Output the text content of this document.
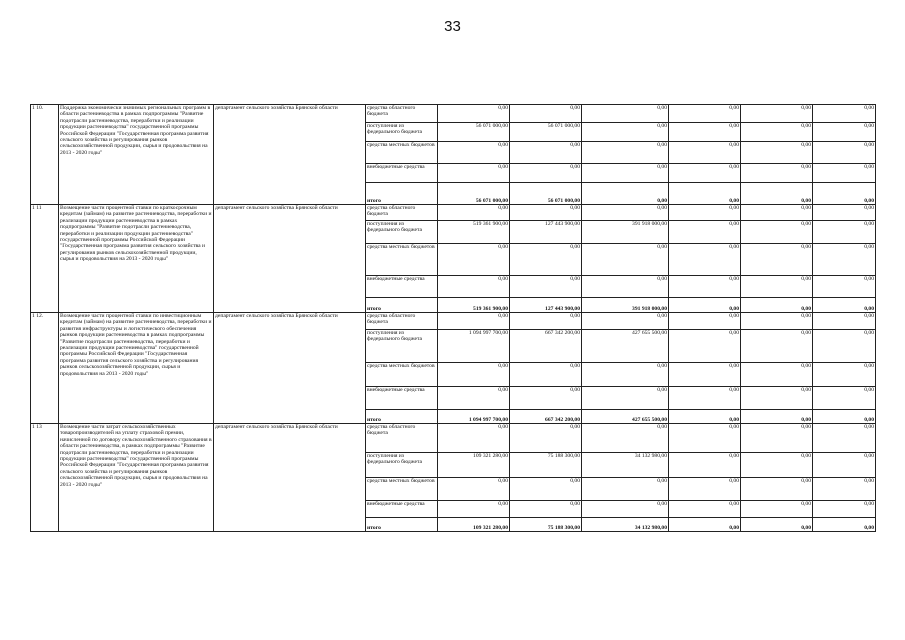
33
1 10.	Поддержка экономически значимых региональных программ в области растениеводства в рамках подпрограммы "Развитие подотрасли растениеводства, переработки и реализации продукции растениеводства" государственной программы Российской Федерации "Государственная программа развития сельского хозяйства и регулирования рынков сельскохозяйственной продукции, сырья и продовольствия на 2013 - 2020 годы"	департамент сельского хозяйства Брянской области	средства областного бюджета	0,00	0,00	0,00	0,00	0,00	0,00
			поступления из федерального бюджета	56 071 000,00	56 071 000,00	0,00	0,00	0,00	0,00
			средства местных бюджетов	0,00	0,00	0,00	0,00	0,00	0,00
			внебюджетные средства	0,00	0,00	0,00	0,00	0,00	0,00
			итого	56 071 000,00	56 071 000,00	0,00	0,00	0,00	0,00
1 11	Возмещение части процентной ставки по краткосрочным кредитам (займам) на развитие растениеводства, переработки и реализации продукции растениеводства в рамках подпрограммы "Развитие подотрасли растениеводства, переработки и реализации продукции растениеводства" государственной программы Российской Федерации "Государственная программа развития сельского хозяйства и регулирования рынков сельскохозяйственной продукции, сырья и продовольствия на 2013 - 2020 годы"	департамент сельского хозяйства Брянской области	средства областного бюджета	0,00	0,00	0,00	0,00	0,00	0,00
			поступления из федерального бюджета	519 361 900,00	127 443 900,00	391 918 000,00	0,00	0,00	0,00
			средства местных бюджетов	0,00	0,00	0,00	0,00	0,00	0,00
			внебюджетные средства	0,00	0,00	0,00	0,00	0,00	0,00
			итого	519 361 900,00	127 443 900,00	391 918 000,00	0,00	0,00	0,00
1 12.	Возмещение части процентной ставки по инвестиционным кредитам (займам) на развитие растениеводства, переработки и развития инфраструктуры и логистического обеспечения рынков продукции растениеводства в рамках подпрограммы "Развитие подотрасли растениеводства, переработки и реализации продукции растениеводства" государственной программы Российской Федерации "Государственная программа развития сельского хозяйства и регулирования рынков сельскохозяйственной продукции, сырья и продовольствия на 2013 - 2020 годы"	департамент сельского хозяйства Брянской области	средства областного бюджета	0,00	0,00	0,00	0,00	0,00	0,00
			поступления из федерального бюджета	1 094 997 700,00	667 342 200,00	427 655 500,00	0,00	0,00	0,00
			средства местных бюджетов	0,00	0,00	0,00	0,00	0,00	0,00
			внебюджетные средства	0,00	0,00	0,00	0,00	0,00	0,00
			итого	1 094 997 700,00	667 342 200,00	427 655 500,00	0,00	0,00	0,00
1 13	Возмещение части затрат сельскохозяйственных товаропроизводителей на уплату страховой премии, начисленной по договору сельскохозяйственного страхования в области растениеводства, в рамках подпрограммы "Развитие подотрасли растениеводства, переработки и реализации продукции растениеводства" государственной программы Российской Федерации "Государственная программа развития сельского хозяйства и регулирования рынков сельскохозяйственной продукции, сырья и продовольствия на 2013 - 2020 годы"	департамент сельского хозяйства Брянской области	средства областного бюджета	0,00	0,00	0,00	0,00	0,00	0,00
			поступления из федерального бюджета	109 321 280,00	75 188 300,00	34 132 980,00	0,00	0,00	0,00
			средства местных бюджетов	0,00	0,00	0,00	0,00	0,00	0,00
			внебюджетные средства	0,00	0,00	0,00	0,00	0,00	0,00
			итого	109 321 280,00	75 188 300,00	34 132 980,00	0,00	0,00	0,00
